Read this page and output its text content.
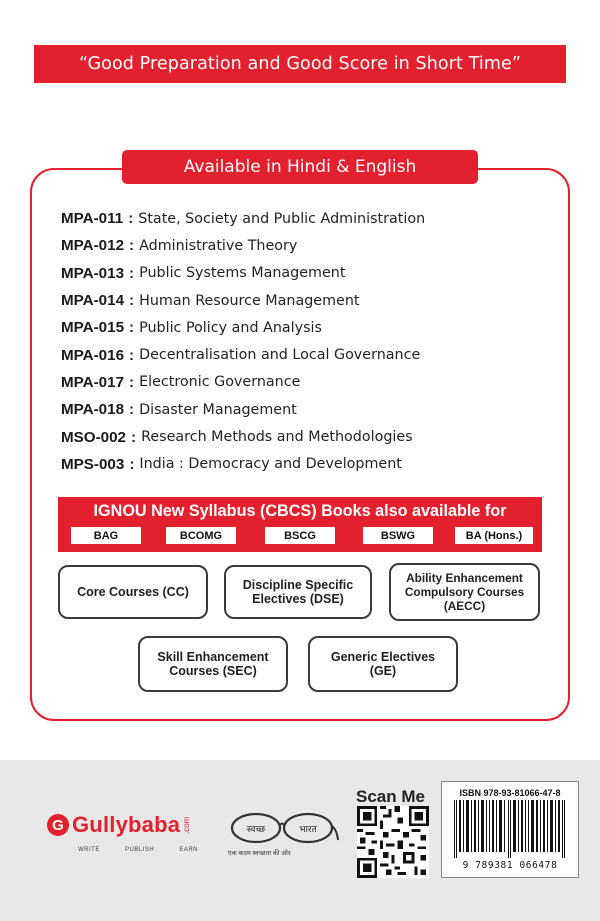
“Good Preparation and Good Score in Short Time”
Available in Hindi & English
MPA-011 : State, Society and Public Administration
MPA-012 : Administrative Theory
MPA-013 : Public Systems Management
MPA-014 : Human Resource Management
MPA-015 : Public Policy and Analysis
MPA-016 : Decentralisation and Local Governance
MPA-017 : Electronic Governance
MPA-018 : Disaster Management
MSO-002 : Research Methods and Methodologies
MPS-003 : India : Democracy and Development
IGNOU New Syllabus (CBCS) Books also available for
BAG	BCOMG	BSCG	BSWG	BA (Hons.)
Core Courses (CC)
Discipline Specific
Electives (DSE)
Ability Enhancement
Compulsory Courses
(AECC)
Skill Enhancement
Courses (SEC)
Generic Electives
(GE)
G Gullybaba .com
WRITE	PUBLISH	EARN
स्वच्छ	भारत
एक कदम स्वच्छता की ओर
Scan Me	ISBN 978-93-81066-47-8
9 789381 066478
